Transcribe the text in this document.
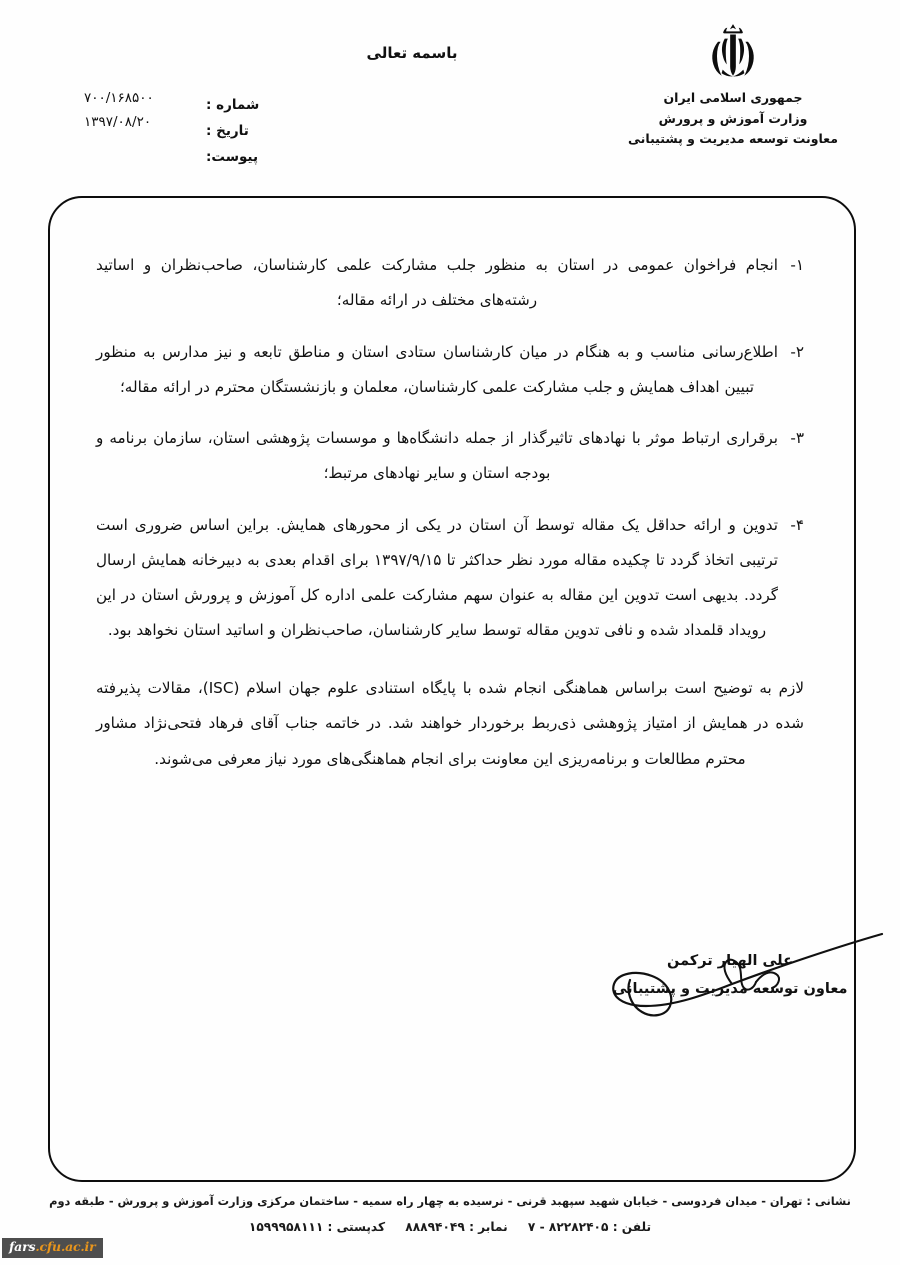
باسمه تعالی
جمهوری اسلامی ایران
وزارت آموزش و پرورش
معاونت توسعه مدیریت و پشتیبانی
شماره :
تاریخ :
پیوست:
۷۰۰/۱۶۸۵۰۰
۱۳۹۷/۰۸/۲۰
۱-
انجام فراخوان عمومی در استان به منظور جلب مشارکت علمی کارشناسان، صاحب‌نظران و اساتید رشته‌های مختلف در ارائه مقاله؛
۲-
اطلاع‌رسانی مناسب و به هنگام در میان کارشناسان ستادی استان و مناطق تابعه و نیز مدارس به منظور تبیین اهداف همایش و جلب مشارکت علمی کارشناسان، معلمان و بازنشستگان محترم در ارائه مقاله؛
۳-
برقراری ارتباط موثر با نهادهای تاثیرگذار از جمله دانشگاه‌ها و موسسات پژوهشی استان، سازمان برنامه و بودجه استان و سایر نهادهای مرتبط؛
۴-
تدوین و ارائه حداقل یک مقاله توسط آن استان در یکی از محورهای همایش. براین اساس ضروری است ترتیبی اتخاذ گردد تا چکیده مقاله مورد نظر حداکثر تا ۱۳۹۷/۹/۱۵ برای اقدام بعدی به دبیرخانه همایش ارسال گردد. بدیهی است تدوین این مقاله به عنوان سهم مشارکت علمی اداره کل آموزش و پرورش استان در این رویداد قلمداد شده و نافی تدوین مقاله توسط سایر کارشناسان، صاحب‌نظران و اساتید استان نخواهد بود.
لازم به توضیح است براساس هماهنگی انجام شده با پایگاه استنادی علوم جهان اسلام (ISC)، مقالات پذیرفته شده در همایش از امتیاز پژوهشی ذی‌ربط برخوردار خواهند شد. در خاتمه جناب آقای فرهاد فتحی‌نژاد مشاور محترم مطالعات و برنامه‌ریزی این معاونت برای انجام هماهنگی‌های مورد نیاز معرفی می‌شوند.
علی الهیار ترکمن
معاون توسعه مدیریت و پشتیبانی
نشانی : تهران - میدان فردوسی - خیابان شهید سپهبد قرنی - نرسیده به چهار راه سمیه - ساختمان مرکزی وزارت آموزش و پرورش - طبقه دوم
تلفن : ۸۲۲۸۲۴۰۵ - ۷ نمابر : ۸۸۸۹۴۰۴۹ کدپستی : ۱۵۹۹۹۵۸۱۱۱
fars.cfu.ac.ir
